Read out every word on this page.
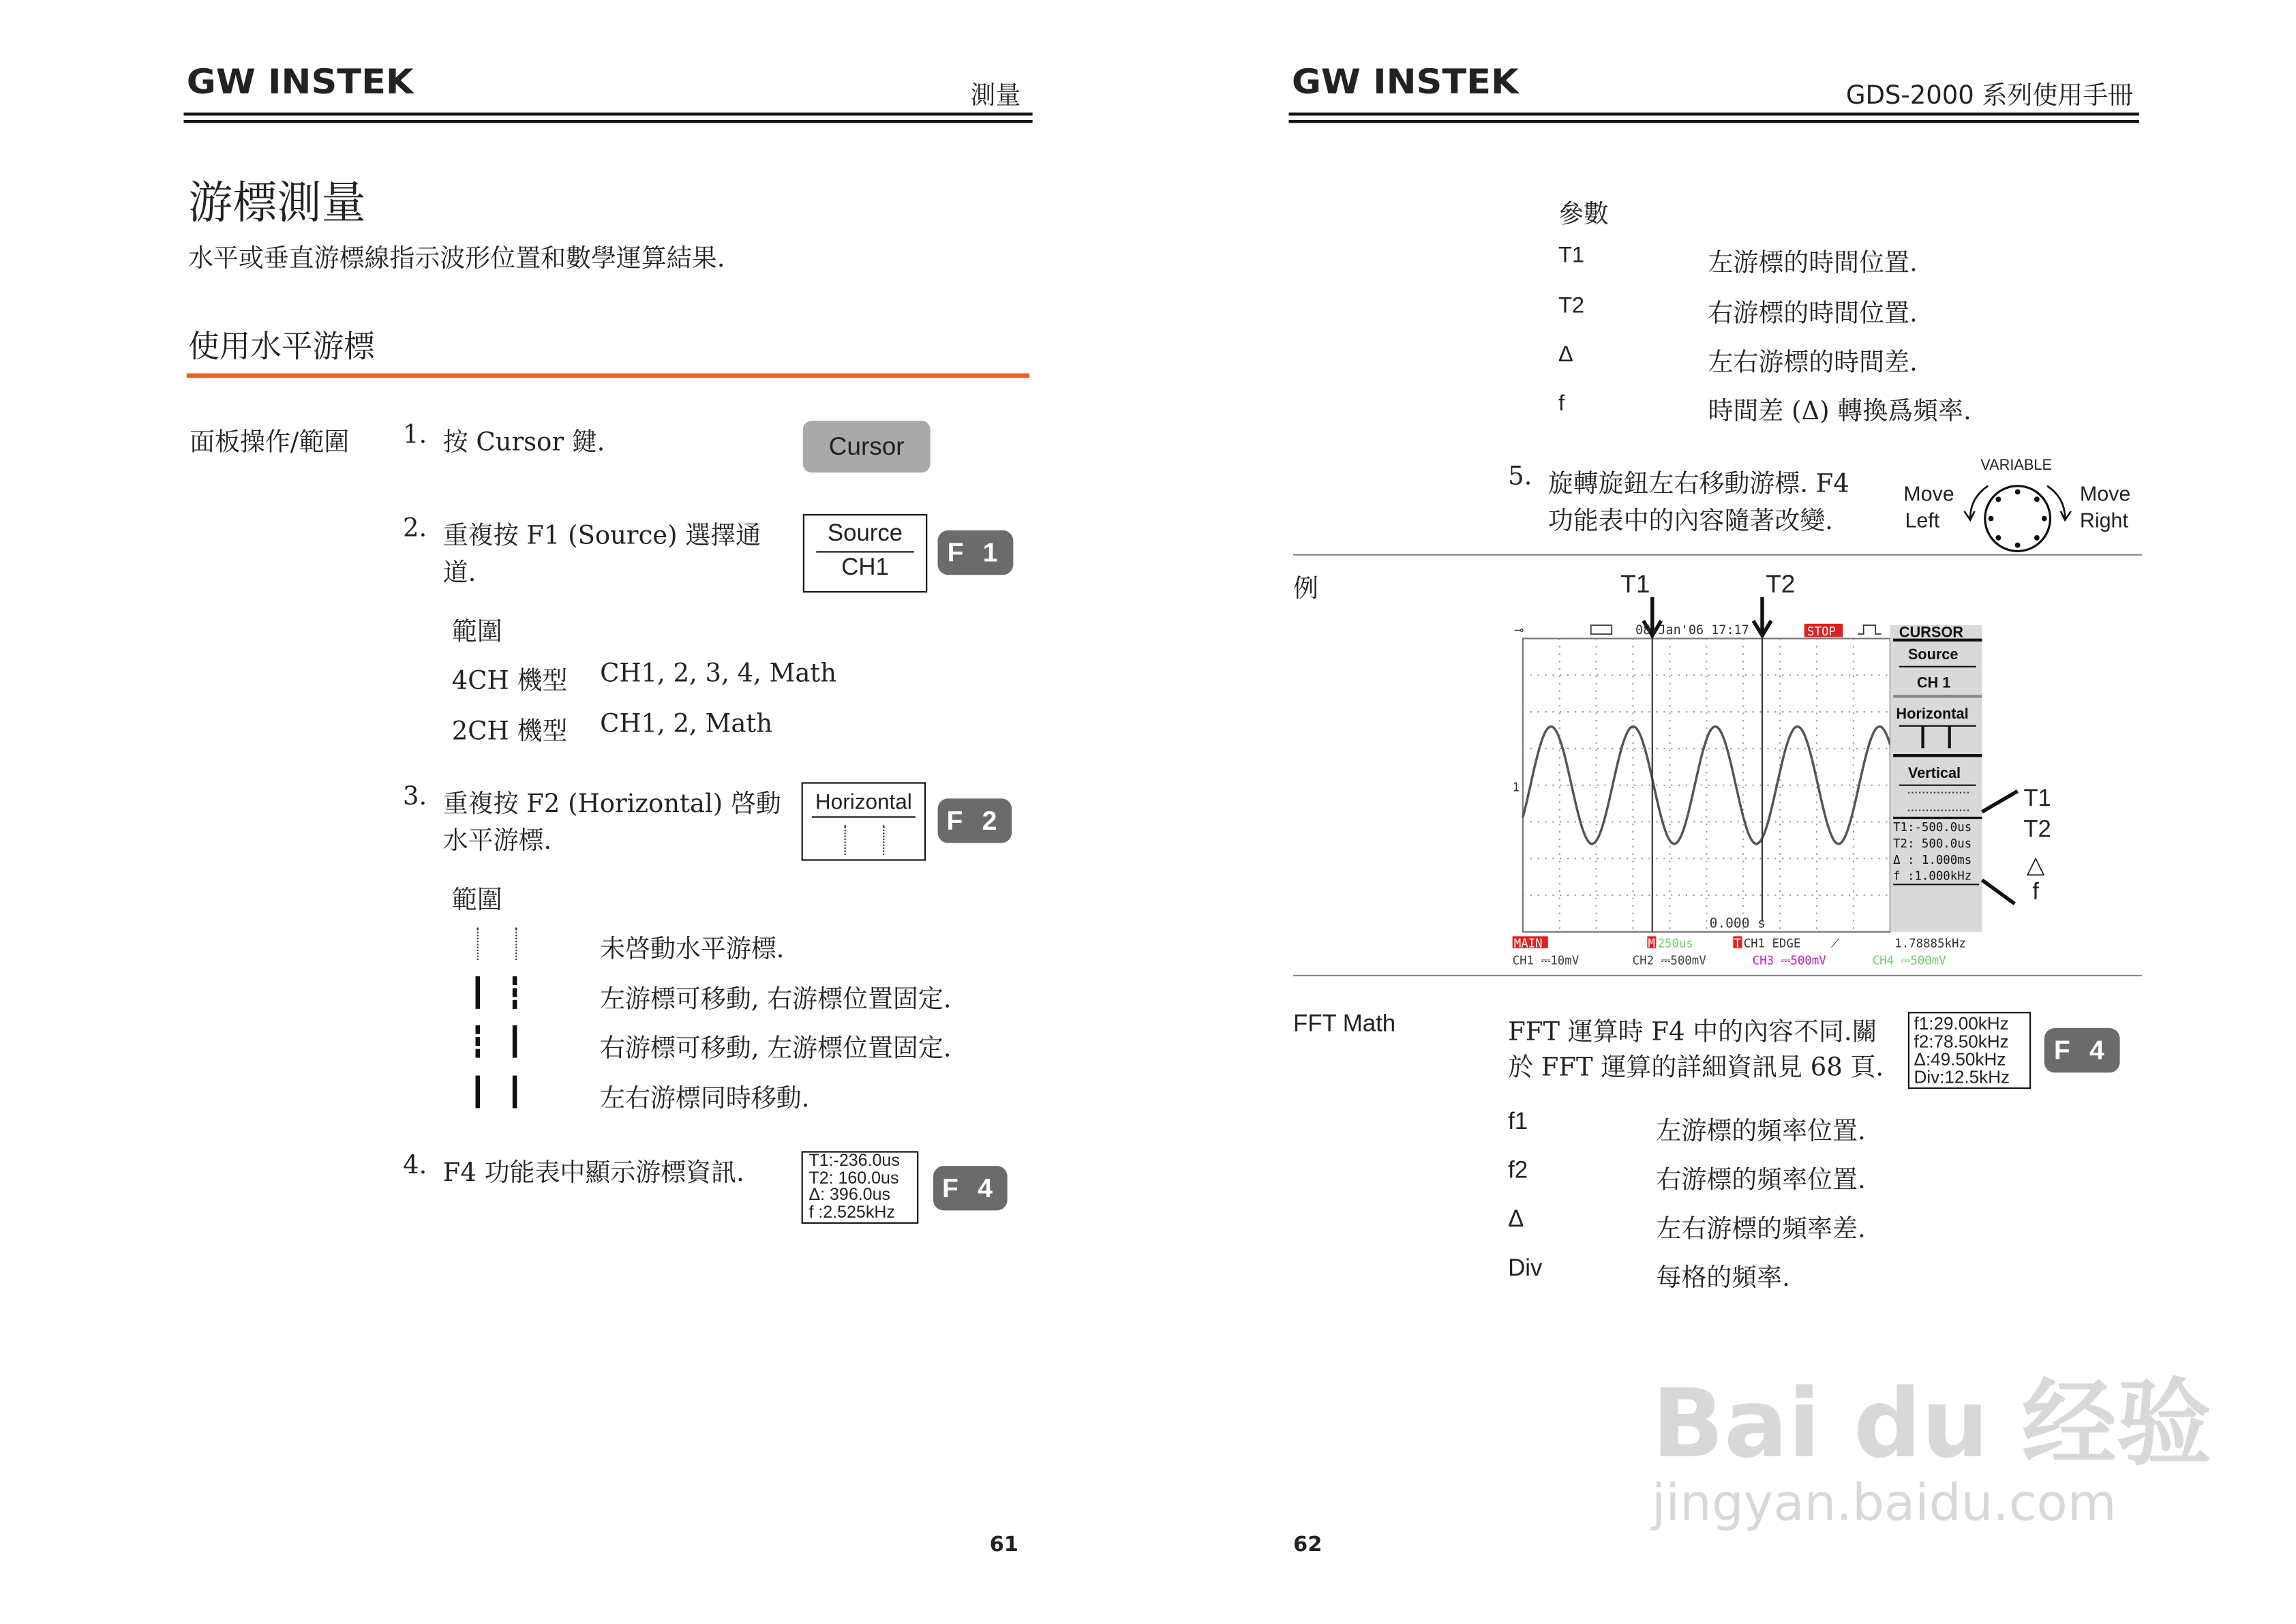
GW INSTEK	測量
游標測量
水平或垂直游標線指示波形位置和數學運算結果.
使用水平游標
面板操作/範圍	1. 按 Cursor 鍵.	Cursor
2. 重複按 F1 (Source) 選擇通
道.
Source
CH1
F 1
範圍
4CH 機型	CH1, 2, 3, 4, Math
2CH 機型	CH1, 2, Math
3. 重複按 F2 (Horizontal) 啓動
水平游標.
Horizontal
F 2
範圍
未啓動水平游標.
左游標可移動, 右游標位置固定.
右游標可移動, 左游標位置固定.
左右游標同時移動.
4. F4 功能表中顯示游標資訊.	T1:-236.0us
T2: 160.0us
Δ: 396.0us
f :2.525kHz
F 4
61
GW INSTEK	GDS-2000 系列使用手冊
參數
T1	左游標的時間位置.
T2	右游標的時間位置.
Δ	左右游標的時間差.
f	時間差 (Δ) 轉換爲頻率.
5. 旋轉旋鈕左右移動游標. F4
功能表中的內容隨著改變.
VARIABLE
Move
Left
Move
Right
例	T1	T2
⊸	08-Jan'06 17:17	STOP
1
0.000 s
CURSOR
Source
CH 1
Horizontal
Vertical
T1:-500.0us
T2: 500.0us
Δ : 1.000ms
f :1.000kHz
MAIN	M 250us	T CH1 EDGE	⟋	1.78885kHz
CH1 ⎓10mV	CH2 ⎓500mV	CH3 ⎓500mV	CH4 ⎓500mV
T1
T2
△
f
FFT Math	FFT 運算時 F4 中的內容不同.關
於 FFT 運算的詳細資訊見 68 頁.
f1:29.00kHz
f2:78.50kHz
Δ:49.50kHz
Div:12.5kHz
F 4
f1	左游標的頻率位置.
f2	右游標的頻率位置.
Δ	左右游標的頻率差.
Div	每格的頻率.
62
Bai du 经验
jingyan.baidu.com
